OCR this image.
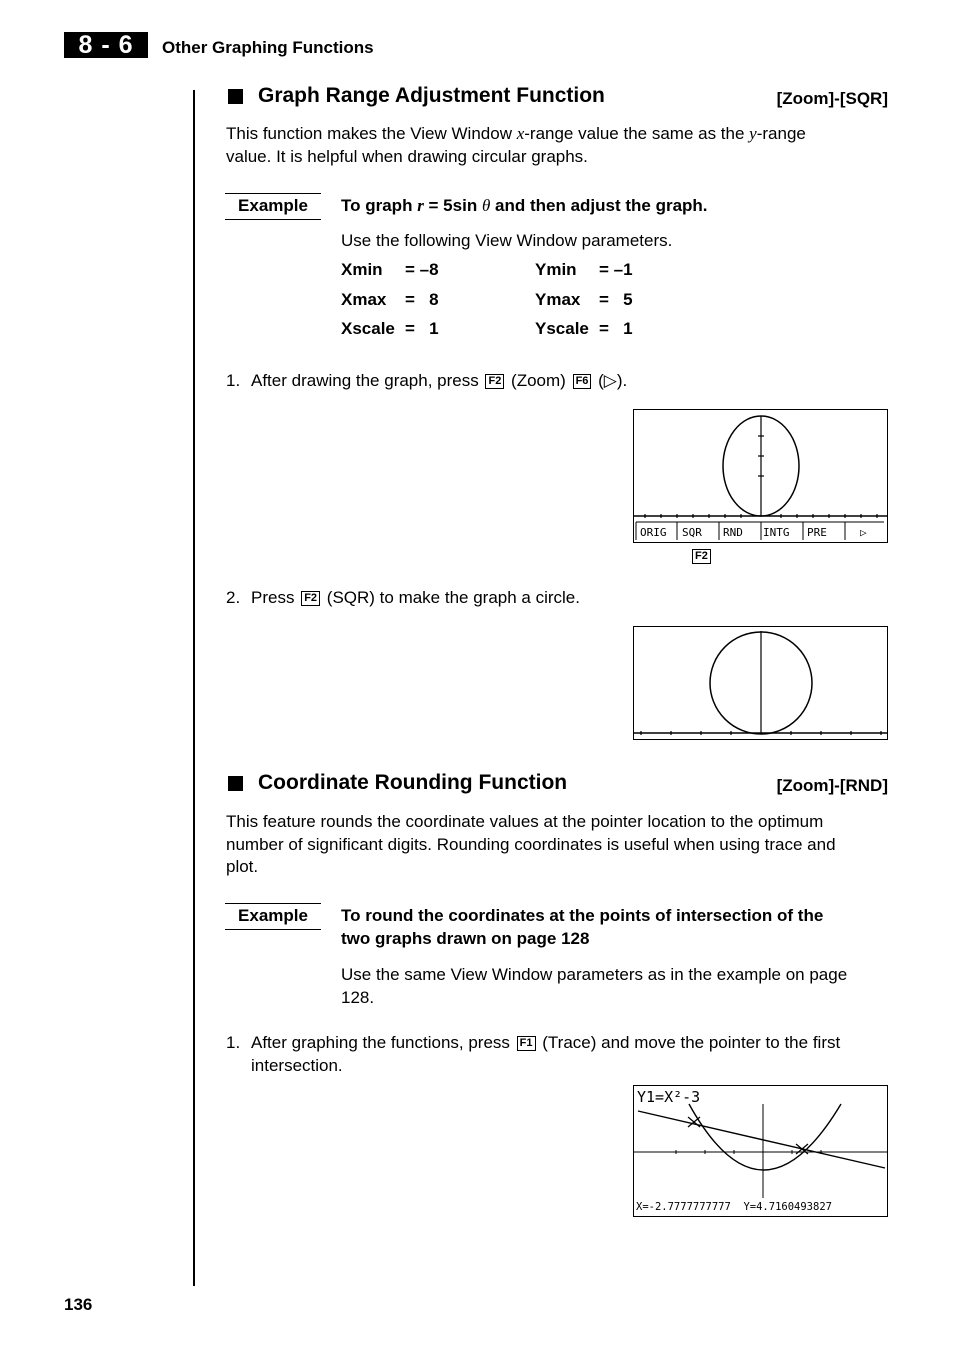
8 - 6	Other Graphing Functions
Graph Range Adjustment Function	[Zoom]-[SQR]
This function makes the View Window x-range value the same as the y-range
value. It is helpful when drawing circular graphs.
Example	To graph r = 5sin θ and then adjust the graph.
Use the following View Window parameters.
Xmin = –8	Ymin = –1
Xmax =   8	Ymax =   5
Xscale =   1	Yscale =   1
1. After drawing the graph, press F2 (Zoom) F6 (▷).
ORIG SQR RND INTG PRE	▷
F2
2. Press F2 (SQR) to make the graph a circle.
Coordinate Rounding Function	[Zoom]-[RND]
This feature rounds the coordinate values at the pointer location to the optimum
number of significant digits. Rounding coordinates is useful when using trace and
plot.
Example	To round the coordinates at the points of intersection of the
two graphs drawn on page 128
Use the same View Window parameters as in the example on page
128.
1. After graphing the functions, press F1 (Trace) and move the pointer to the first
intersection.
Y1=X²-3
X=-2.7777777777  Y=4.7160493827
136
